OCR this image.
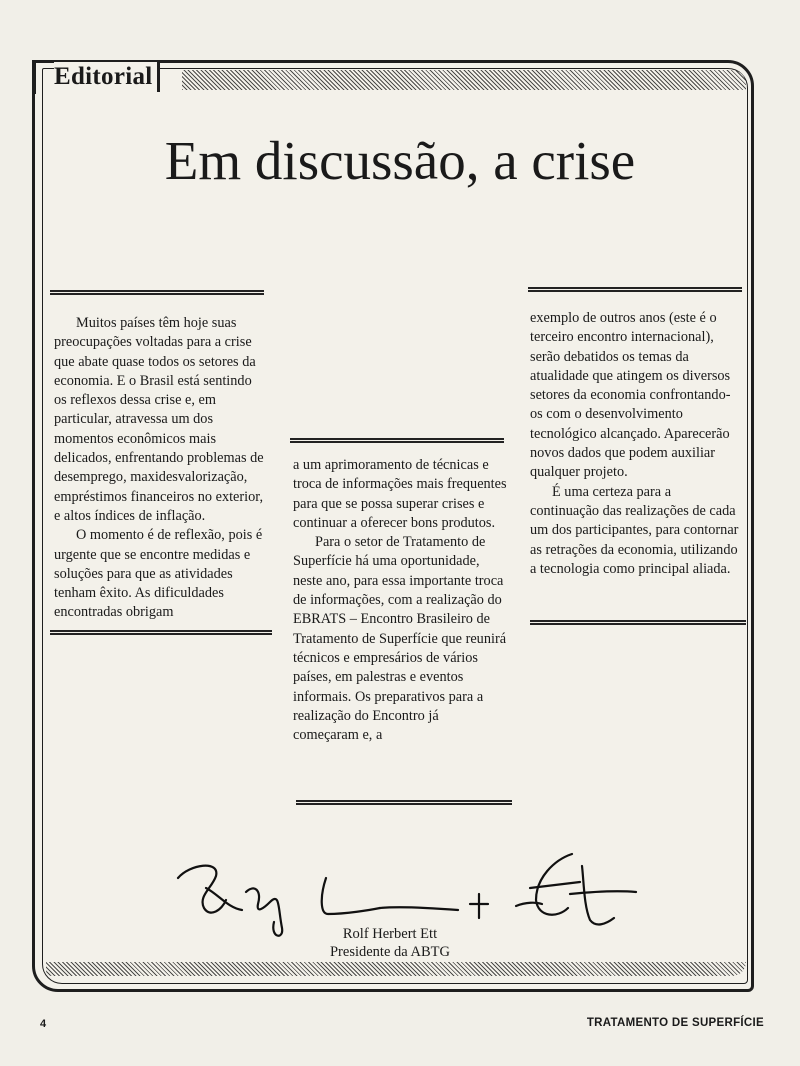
Editorial
Em discussão, a crise

Muitos países têm hoje suas preocupações voltadas para a crise que abate quase todos os setores da economia. E o Brasil está sentindo os reflexos dessa crise e, em particular, atravessa um dos momentos econômicos mais delicados, enfrentando problemas de desemprego, maxidesvalorização, empréstimos financeiros no exterior, e altos índices de inflação.

O momento é de reflexão, pois é urgente que se encontre medidas e soluções para que as atividades tenham êxito. As dificuldades encontradas obrigam

a um aprimoramento de técnicas e troca de informações mais frequentes para que se possa superar crises e continuar a oferecer bons produtos.

Para o setor de Tratamento de Superfície há uma oportunidade, neste ano, para essa importante troca de informações, com a realização do EBRATS – Encontro Brasileiro de Tratamento de Superfície que reunirá técnicos e empresários de vários países, em palestras e eventos informais. Os preparativos para a realização do Encontro já começaram e, a

exemplo de outros anos (este é o terceiro encontro internacional), serão debatidos os temas da atualidade que atingem os diversos setores da economia confrontando-os com o desenvolvimento tecnológico alcançado. Aparecerão novos dados que podem auxiliar qualquer projeto.

É uma certeza para a continuação das realizações de cada um dos participantes, para contornar as retrações da economia, utilizando a tecnologia como principal aliada.

Rolf Herbert Ett
Presidente da ABTG
4	TRATAMENTO DE SUPERFÍCIE
